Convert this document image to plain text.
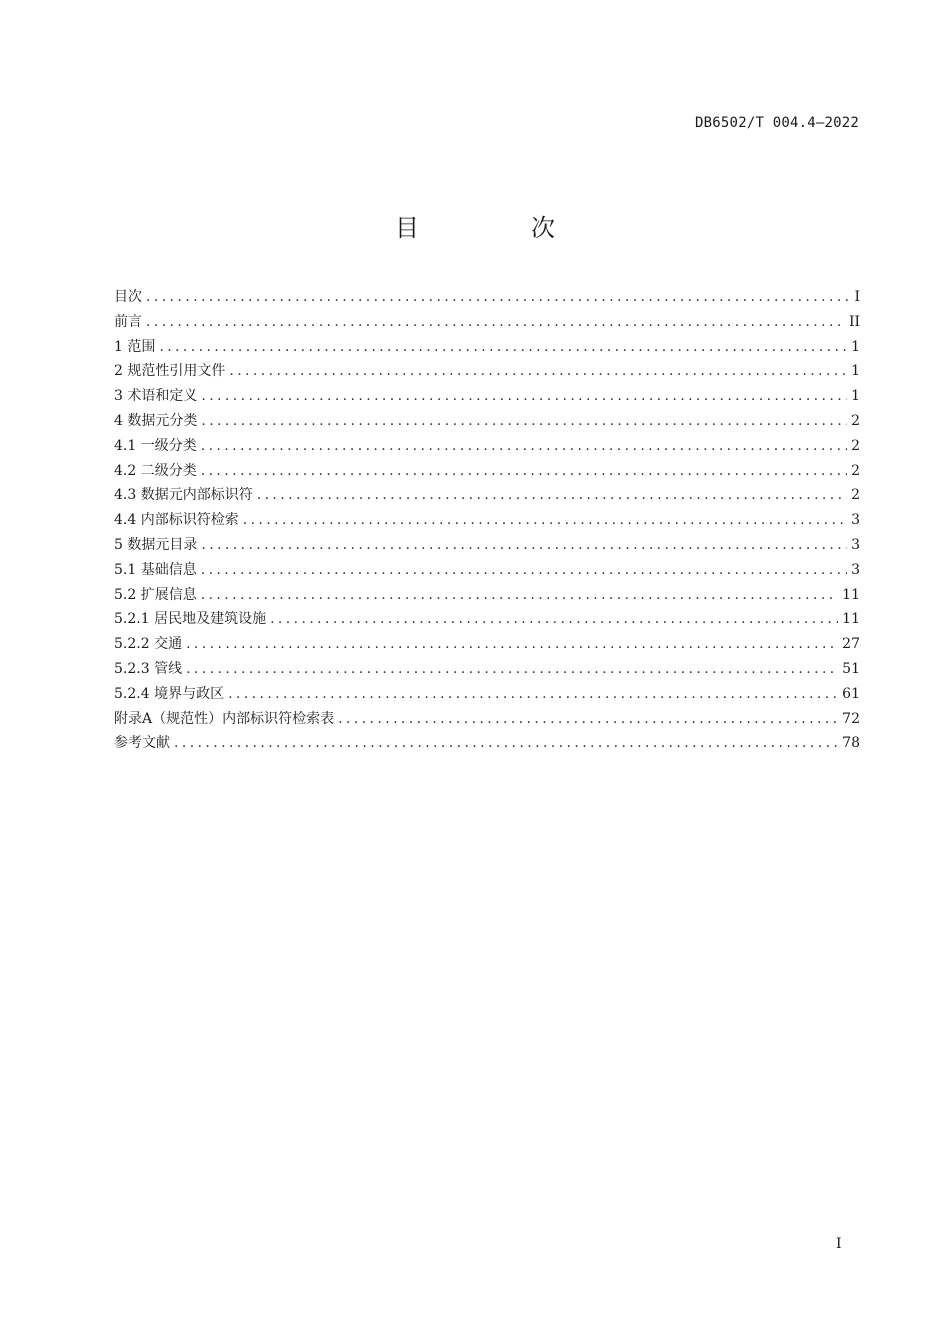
DB6502/T 004.4—2022
目　次
目次 .....	I
前言 .....	II
1 范围 .....	1
2 规范性引用文件 .....	1
3 术语和定义 .....	1
4 数据元分类 .....	2
4.1 一级分类 .....	2
4.2 二级分类 .....	2
4.3 数据元内部标识符 .....	2
4.4 内部标识符检索 .....	3
5 数据元目录 .....	3
5.1 基础信息 .....	3
5.2 扩展信息 .....	11
5.2.1 居民地及建筑设施 .....	11
5.2.2 交通 .....	27
5.2.3 管线 .....	51
5.2.4 境界与政区 .....	61
附录A（规范性）内部标识符检索表 .....	72
参考文献 .....	78
I
